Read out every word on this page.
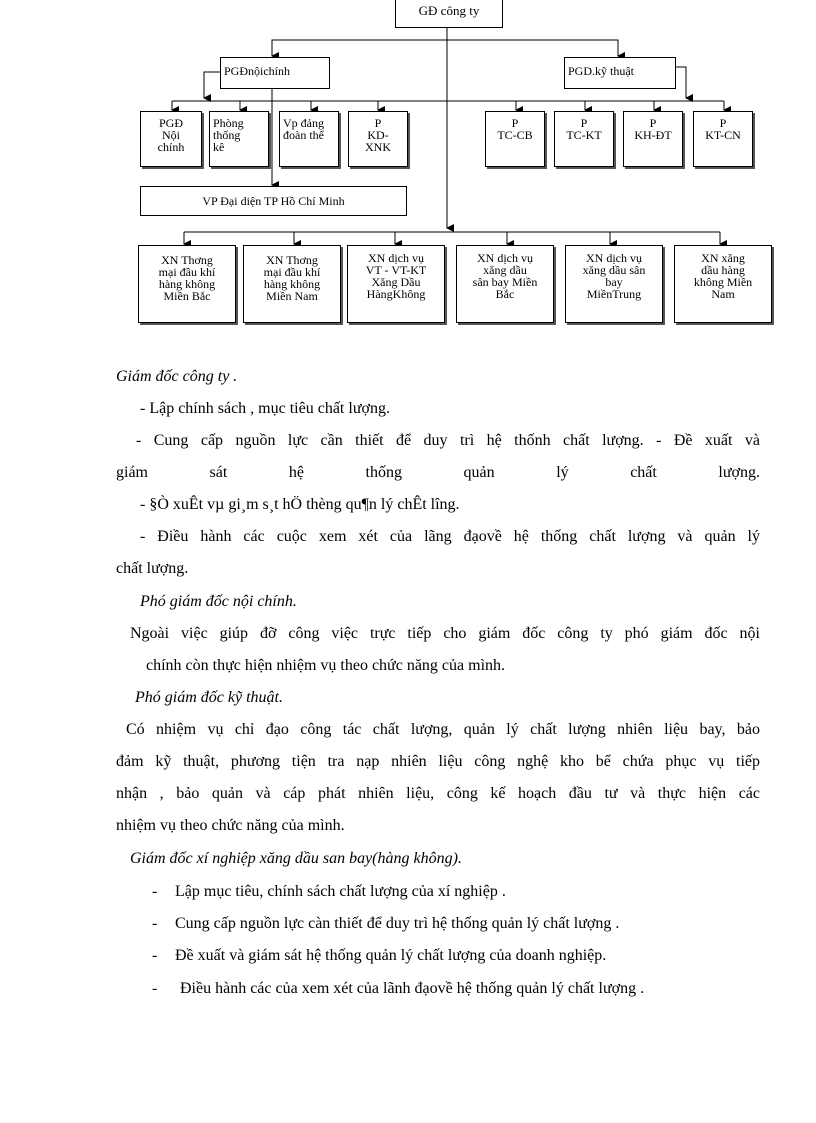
GĐ công ty
PGĐnộichính	PGD.kỹ thuật
PGĐ
Nội
chính
Phòng
thống
kê
Vp đảng
đoàn thể
P
KD-
XNK
P
TC-CB
P
TC-KT
P
KH-ĐT
P
KT-CN
VP Đại diện TP Hồ Chí Minh
XN Thơng
mại đầu khí
hàng không
Miền Bắc
XN Thơng
mại đầu khí
hàng không
Miền Nam
XN dịch vụ
VT - VT-KT
Xăng Dầu
HàngKhông
XN dịch vụ
xăng dầu
sân bay Miền
Bắc
XN dịch vụ
xăng dầu sân
bay
MiềnTrung
XN xăng
dầu hàng
không Miền
Nam

Giám đốc công ty .

- Lập chính sách , mục tiêu chất lượng.

- Cung cấp nguồn lực cần thiết để duy trì hệ thốnh chất lượng. - Đề xuất và

giám sát hệ thống quản lý chất lượng.

- §Ò xuÊt vµ gi¸m s¸t hÖ thèng qu¶n lý chÊt lîng.

- Điều hành các cuộc xem xét của lãng đạovề hệ thống chất lượng và quản lý

chất lượng.

Phó giám đốc nội chính.

Ngoài việc giúp đỡ công việc trực tiếp cho giám đốc công ty phó giám đốc nội

chính còn thực hiện nhiệm vụ theo chức năng của mình.

Phó giám đốc kỹ thuật.

Có nhiệm vụ chỉ đạo công tác chất lượng, quản lý chất lượng nhiên liệu bay, bảo

đảm kỹ thuật, phương tiện tra nạp nhiên liệu công nghệ kho bể chứa phục vụ tiếp

nhận , bảo quản và cáp phát nhiên liệu, công kế hoạch đầu tư và thực hiện các

nhiệm vụ theo chức năng của mình.

Giám đốc xí nghiệp xăng dầu san bay(hàng không).

- Lập mục tiêu, chính sách chất lượng của xí nghiệp .

- Cung cấp nguồn lực càn thiết để duy trì hệ thống quản lý chất lượng .

- Đề xuất và giám sát hệ thống quản lý chất lượng của doanh nghiệp.

- Điều hành các của xem xét của lãnh đạovề hệ thống quản lý chất lượng .
